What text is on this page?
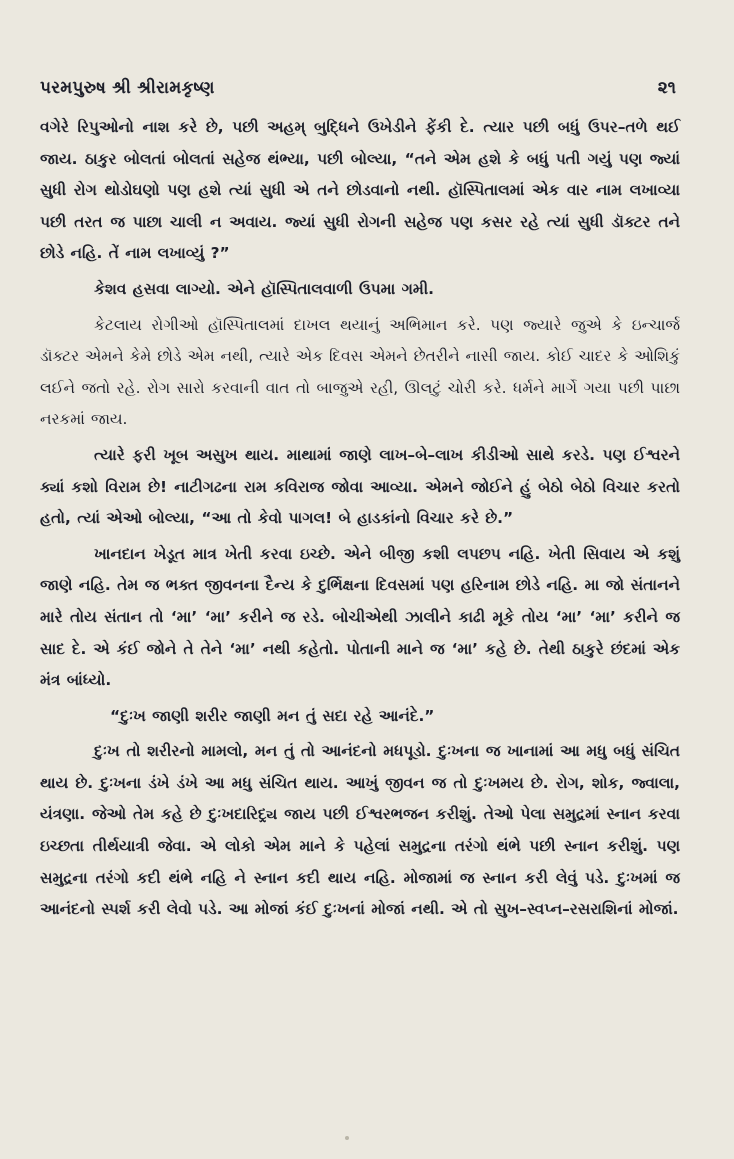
પરમપુરુષ શ્રી શ્રીરામકૃષ્ણ	૨૧

વગેરે રિપુઓનો નાશ કરે છે, પછી અહમ્ બુદ્ધિને ઉખેડીને ફેંકી દે. ત્યાર પછી બધું ઉપર–તળે થઈ જાય. ઠાકુર બોલતાં બોલતાં સહેજ થંભ્યા, પછી બોલ્યા, “તને એમ હશે કે બધું પતી ગયું પણ જ્યાં સુધી રોગ થોડોઘણો પણ હશે ત્યાં સુધી એ તને છોડવાનો નથી. હૉસ્પિતાલમાં એક વાર નામ લખાવ્યા પછી તરત જ પાછા ચાલી ન અવાય. જ્યાં સુધી રોગની સહેજ પણ કસર રહે ત્યાં સુધી ડૉક્ટર તને છોડે નહિ. તેં નામ લખાવ્યું ?”

કેશવ હસવા લાગ્યો. એને હૉસ્પિતાલવાળી ઉપમા ગમી.

કેટલાય રોગીઓ હૉસ્પિતાલમાં દાખલ થયાનું અભિમાન કરે. પણ જ્યારે જુએ કે ઇન્ચાર્જ ડૉક્ટર એમને કેમે છોડે એમ નથી, ત્યારે એક દિવસ એમને છેતરીને નાસી જાય. કોઈ ચાદર કે ઓશિકું લઈને જતો રહે. રોગ સારો કરવાની વાત તો બાજુએ રહી, ઊલટું ચોરી કરે. ધર્મને માર્ગે ગયા પછી પાછા નરકમાં જાય.

ત્યારે ફરી ખૂબ અસુખ થાય. માથામાં જાણે લાખ–બે–લાખ કીડીઓ સાથે કરડે. પણ ઈશ્વરને ક્યાં કશો વિરામ છે! નાટીગઢના રામ કવિરાજ જોવા આવ્યા. એમને જોઈને હું બેઠો બેઠો વિચાર કરતો હતો, ત્યાં એઓ બોલ્યા, “આ તો કેવો પાગલ! બે હાડકાંનો વિચાર કરે છે.”

ખાનદાન ખેડૂત માત્ર ખેતી કરવા ઇચ્છે. એને બીજી કશી લપછપ નહિ. ખેતી સિવાય એ કશું જાણે નહિ. તેમ જ ભક્ત જીવનના દૈન્ય કે દુર્ભિક્ષના દિવસમાં પણ હરિનામ છોડે નહિ. મા જો સંતાનને મારે તોય સંતાન તો ‘મા’ ‘મા’ કરીને જ રડે. બોચીએથી ઝાલીને કાઢી મૂકે તોય ‘મા’ ‘મા’ કરીને જ સાદ દે. એ કંઈ જોને તે તેને ‘મા’ નથી કહેતો. પોતાની માને જ ‘મા’ કહે છે. તેથી ઠાકુરે છંદમાં એક મંત્ર બાંધ્યો.

“દુઃખ જાણી શરીર જાણી મન તું સદા રહે આનંદે.”

દુઃખ તો શરીરનો મામલો, મન તું તો આનંદનો મધપૂડો. દુઃખના જ ખાનામાં આ મધુ બધું સંચિત થાય છે. દુઃખના ડંખે ડંખે આ મધુ સંચિત થાય. આખું જીવન જ તો દુઃખમય છે. રોગ, શોક, જ્વાલા, યંત્રણા. જેઓ તેમ કહે છે દુઃખદારિદ્ર્ય જાય પછી ઈશ્વરભજન કરીશું. તેઓ પેલા સમુદ્રમાં સ્નાન કરવા ઇચ્છતા તીર્થયાત્રી જેવા. એ લોકો એમ માને કે પહેલાં સમુદ્રના તરંગો થંભે પછી સ્નાન કરીશું. પણ સમુદ્રના તરંગો કદી થંભે નહિ ને સ્નાન કદી થાય નહિ. મોજામાં જ સ્નાન કરી લેવું પડે. દુઃખમાં જ આનંદનો સ્પર્શ કરી લેવો પડે. આ મોજાં કંઈ દુઃખનાં મોજાં નથી. એ તો સુખ–સ્વપ્ન–રસરાશિનાં મોજાં.
